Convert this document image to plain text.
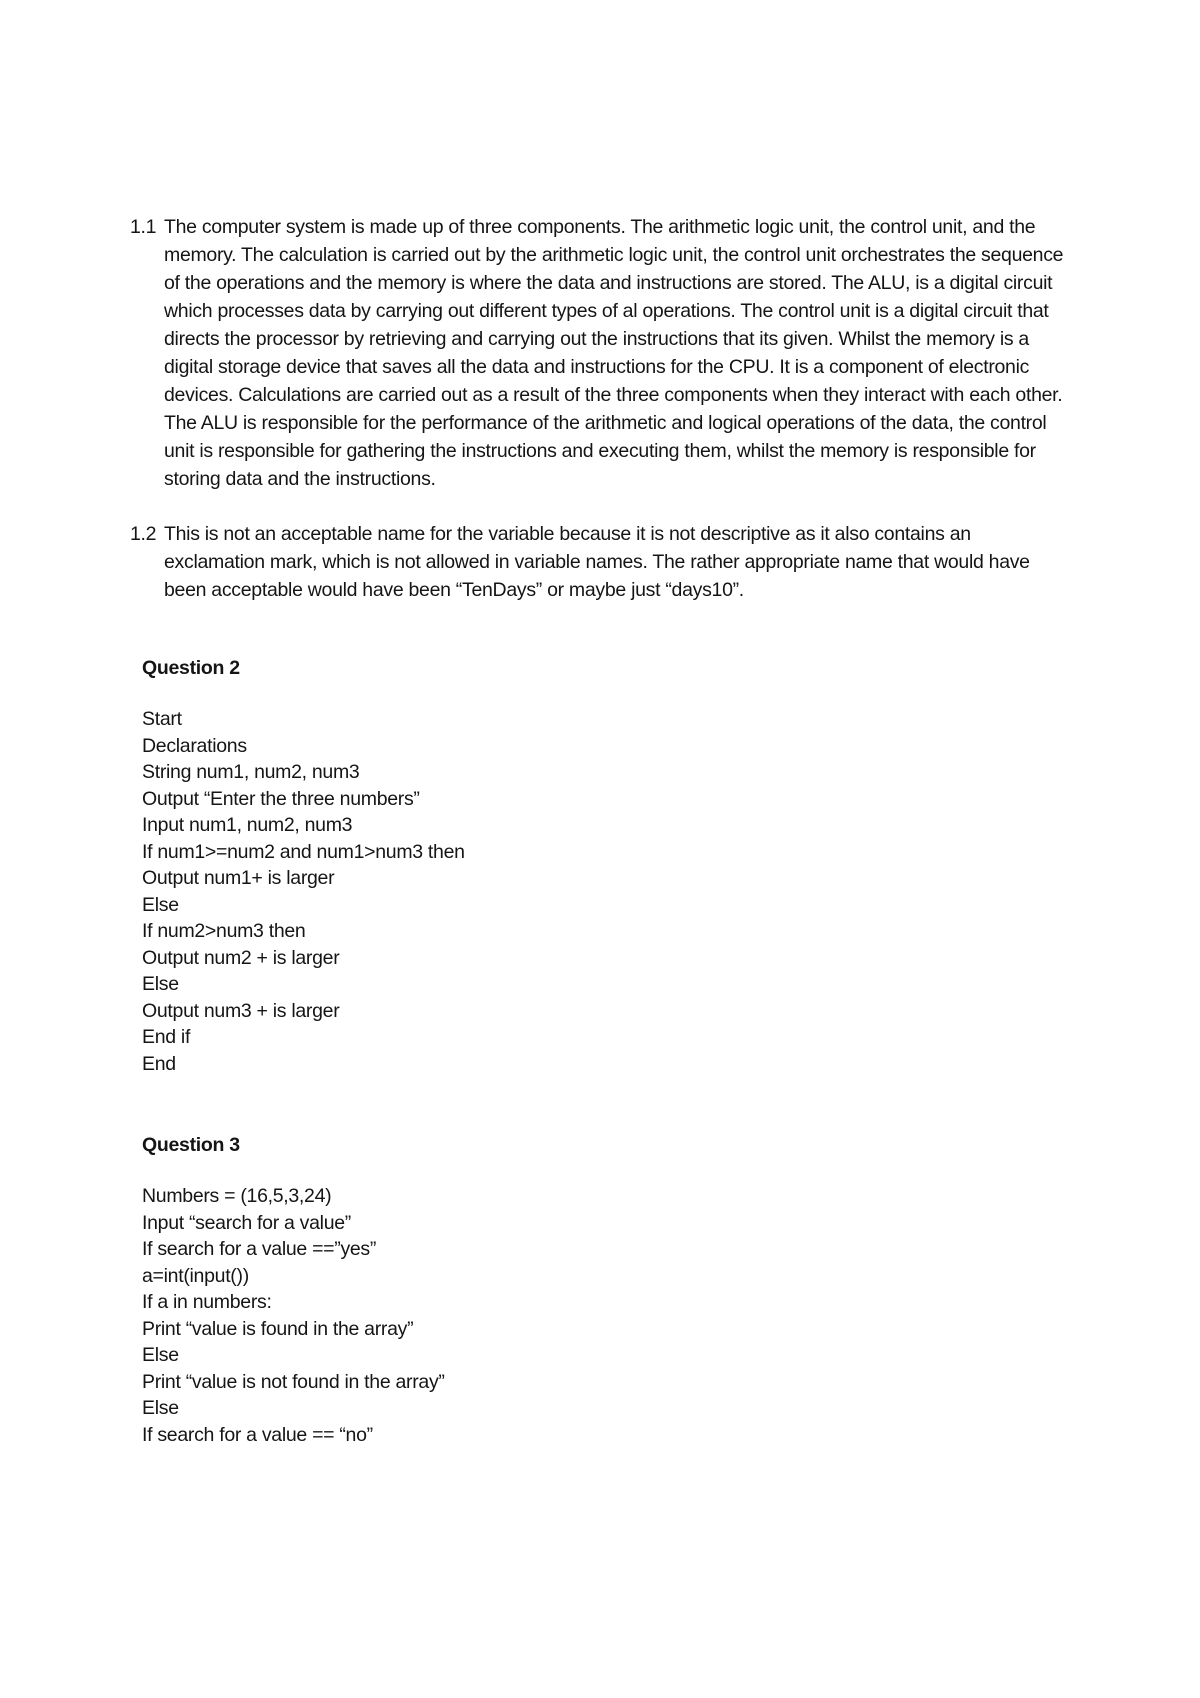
1.1 The computer system is made up of three components. The arithmetic logic unit, the control unit, and the memory. The calculation is carried out by the arithmetic logic unit, the control unit orchestrates the sequence of the operations and the memory is where the data and instructions are stored. The ALU, is a digital circuit which processes data by carrying out different types of al operations. The control unit is a digital circuit that directs the processor by retrieving and carrying out the instructions that its given. Whilst the memory is a digital storage device that saves all the data and instructions for the CPU. It is a component of electronic devices. Calculations are carried out as a result of the three components when they interact with each other. The ALU is responsible for the performance of the arithmetic and logical operations of the data, the control unit is responsible for gathering the instructions and executing them, whilst the memory is responsible for storing data and the instructions.
1.2 This is not an acceptable name for the variable because it is not descriptive as it also contains an exclamation mark, which is not allowed in variable names. The rather appropriate name that would have been acceptable would have been “TenDays” or maybe just “days10”.
Question 2
Start
Declarations
String num1, num2, num3
Output “Enter the three numbers”
Input num1, num2, num3
If num1>=num2 and num1>num3 then
Output num1+ is larger
Else
If num2>num3 then
Output num2 + is larger
Else
Output num3 + is larger
End if
End
Question 3
Numbers = (16,5,3,24)
Input “search for a value”
If search for a value ==”yes”
a=int(input())
If a in numbers:
Print “value is found in the array”
Else
Print “value is not found in the array”
Else
If search for a value == “no”
